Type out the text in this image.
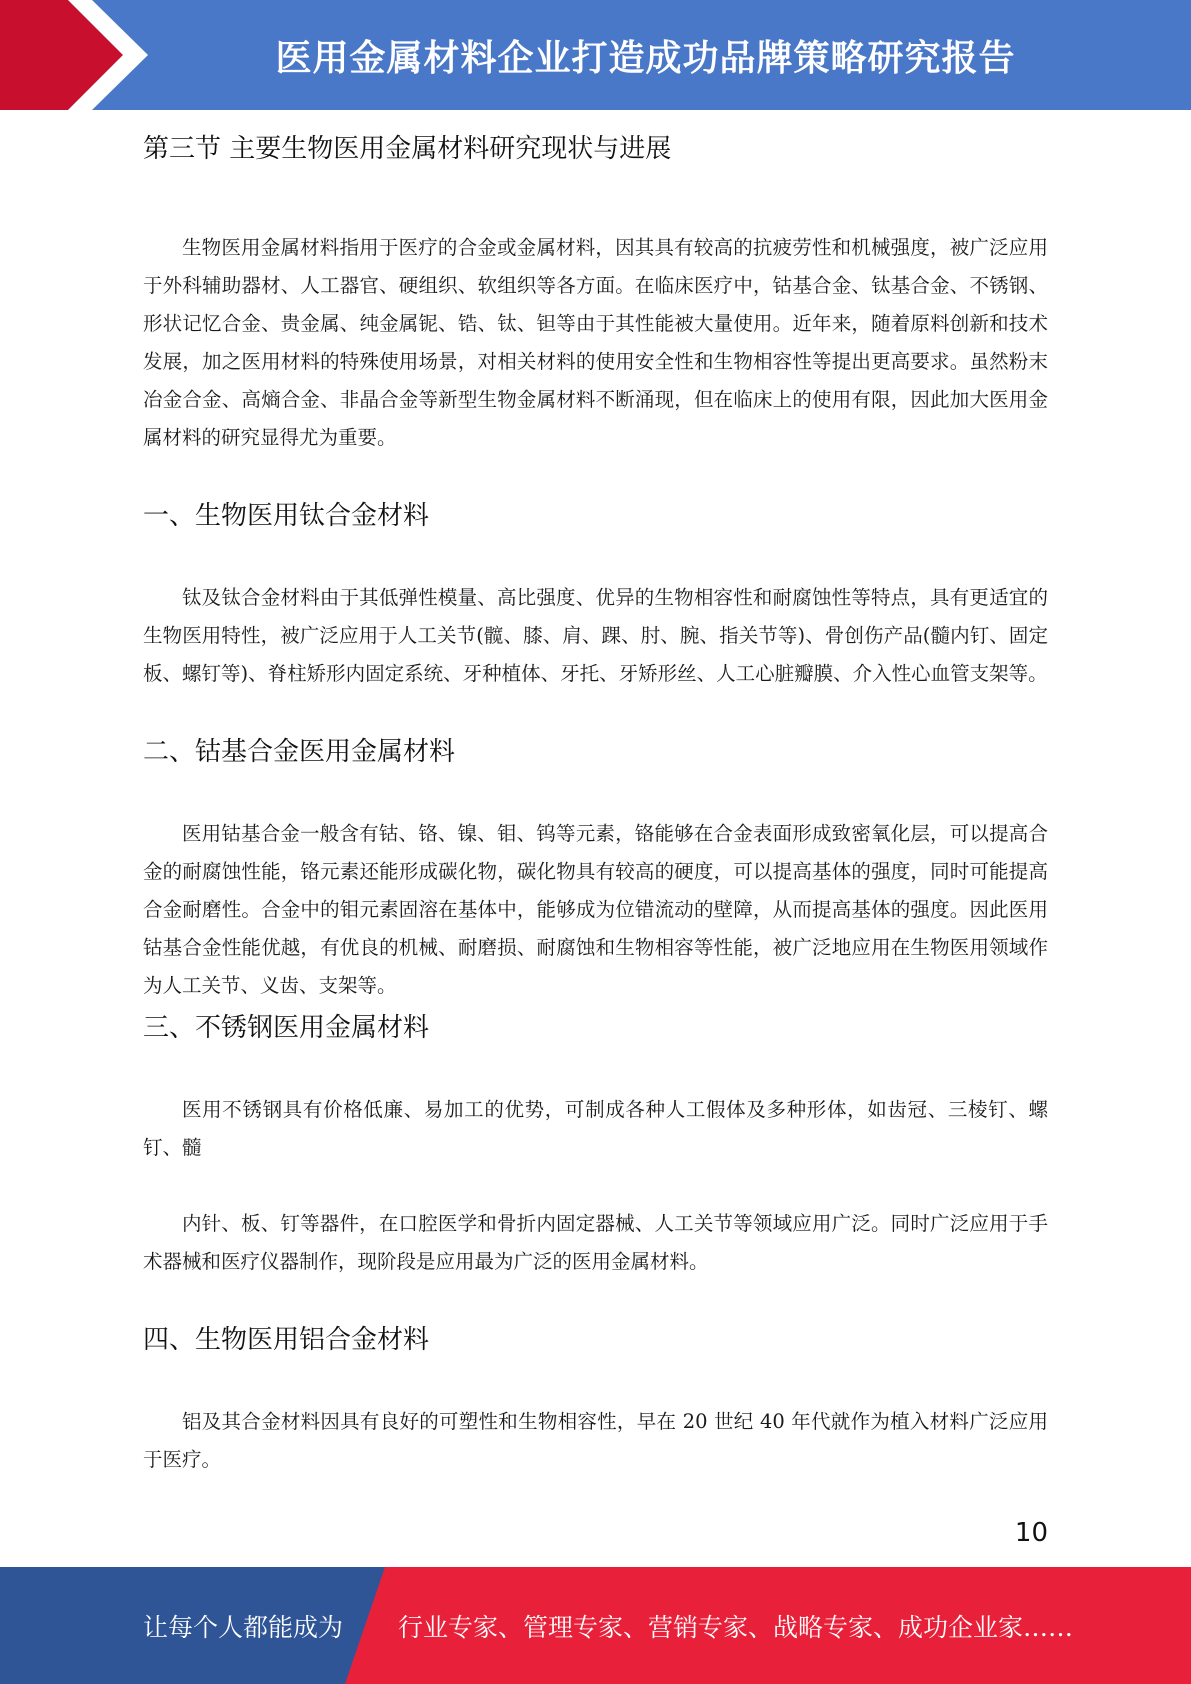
医用金属材料企业打造成功品牌策略研究报告
第三节 主要生物医用金属材料研究现状与进展

生物医用金属材料指用于医疗的合金或金属材料，因其具有较高的抗疲劳性和机械强度，被广泛应用于外科辅助器材、人工器官、硬组织、软组织等各方面。在临床医疗中，钴基合金、钛基合金、不锈钢、形状记忆合金、贵金属、纯金属铌、锆、钛、钽等由于其性能被大量使用。近年来，随着原料创新和技术发展，加之医用材料的特殊使用场景，对相关材料的使用安全性和生物相容性等提出更高要求。虽然粉末冶金合金、高熵合金、非晶合金等新型生物金属材料不断涌现，但在临床上的使用有限，因此加大医用金属材料的研究显得尤为重要。

一、生物医用钛合金材料

钛及钛合金材料由于其低弹性模量、高比强度、优异的生物相容性和耐腐蚀性等特点，具有更适宜的生物医用特性，被广泛应用于人工关节(髋、膝、肩、踝、肘、腕、指关节等)、骨创伤产品(髓内钉、固定板、螺钉等)、脊柱矫形内固定系统、牙种植体、牙托、牙矫形丝、人工心脏瓣膜、介入性心血管支架等。

二、钴基合金医用金属材料

医用钴基合金一般含有钴、铬、镍、钼、钨等元素，铬能够在合金表面形成致密氧化层，可以提高合金的耐腐蚀性能，铬元素还能形成碳化物，碳化物具有较高的硬度，可以提高基体的强度，同时可能提高合金耐磨性。合金中的钼元素固溶在基体中，能够成为位错流动的壁障，从而提高基体的强度。因此医用钴基合金性能优越，有优良的机械、耐磨损、耐腐蚀和生物相容等性能，被广泛地应用在生物医用领域作为人工关节、义齿、支架等。

三、不锈钢医用金属材料

医用不锈钢具有价格低廉、易加工的优势，可制成各种人工假体及多种形体，如齿冠、三棱钉、螺钉、髓

内针、板、钉等器件，在口腔医学和骨折内固定器械、人工关节等领域应用广泛。同时广泛应用于手术器械和医疗仪器制作，现阶段是应用最为广泛的医用金属材料。

四、生物医用铝合金材料

铝及其合金材料因具有良好的可塑性和生物相容性，早在 20 世纪 40 年代就作为植入材料广泛应用于医疗。

10
让每个人都能成为 行业专家、管理专家、营销专家、战略专家、成功企业家……
